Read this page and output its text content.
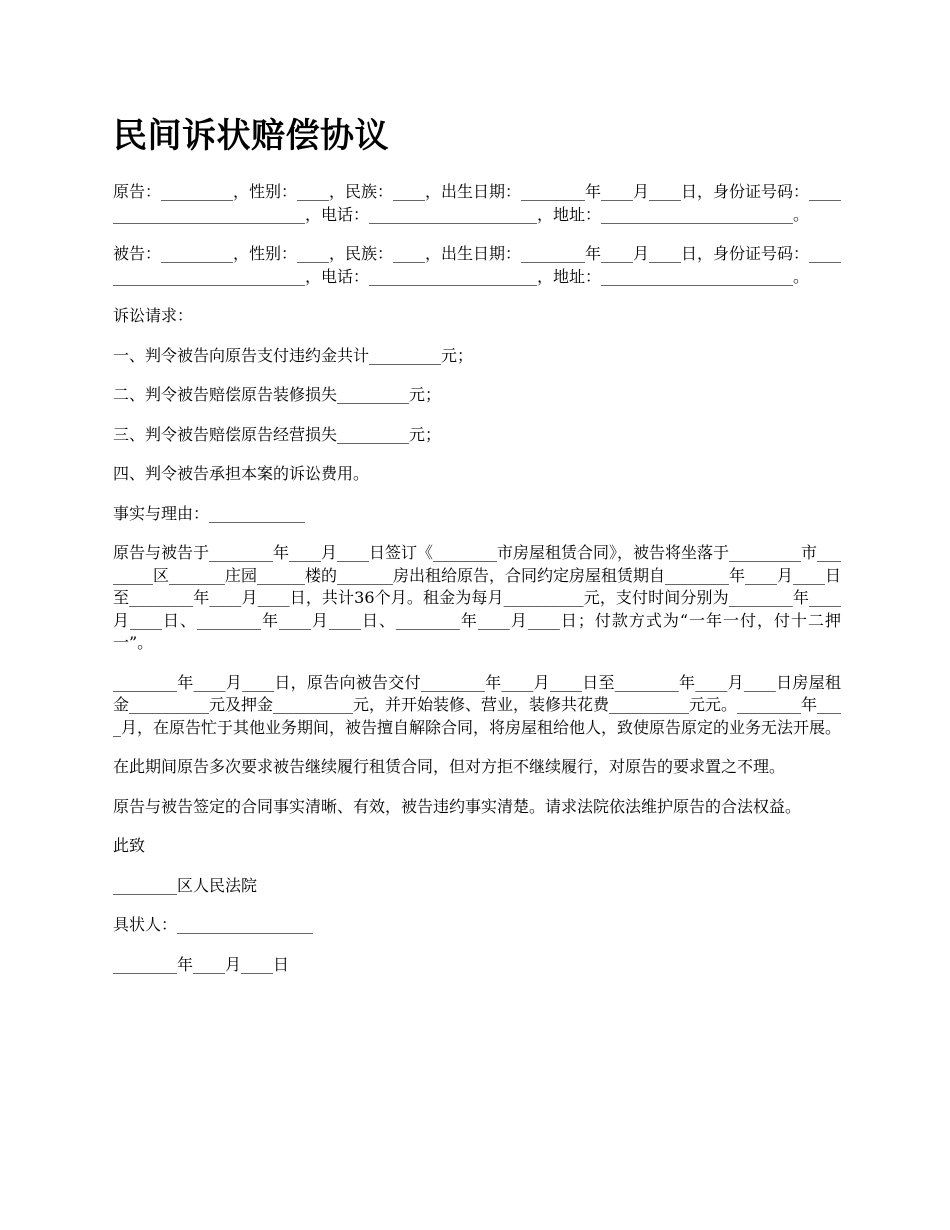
民间诉状赔偿协议

原告：_________，性别：____，民族：____，出生日期：________年____月____日，身份证号码：____________________________，电话：_____________________，地址：________________________。

被告：_________，性别：____，民族：____，出生日期：________年____月____日，身份证号码：____________________________，电话：_____________________，地址：________________________。

诉讼请求：

一、判令被告向原告支付违约金共计_________元；

二、判令被告赔偿原告装修损失_________元；

三、判令被告赔偿原告经营损失_________元；

四、判令被告承担本案的诉讼费用。

事实与理由：____________

原告与被告于________年____月____日签订《________市房屋租赁合同》，被告将坐落于_________市________区_______庄园______楼的_______房出租给原告，合同约定房屋租赁期自________年____月____日至________年____月____日，共计36个月。租金为每月__________元，支付时间分别为________年____月____日、________年____月____日、________年____月____日；付款方式为“一年一付，付十二押一”。

________年____月____日，原告向被告交付________年____月____日至________年____月____日房屋租金__________元及押金__________元，并开始装修、营业，装修共花费__________元元。________年____月，在原告忙于其他业务期间，被告擅自解除合同，将房屋租给他人，致使原告原定的业务无法开展。

在此期间原告多次要求被告继续履行租赁合同，但对方拒不继续履行，对原告的要求置之不理。

原告与被告签定的合同事实清晰、有效，被告违约事实清楚。请求法院依法维护原告的合法权益。

此致

________区人民法院

具状人：_________________

________年____月____日
